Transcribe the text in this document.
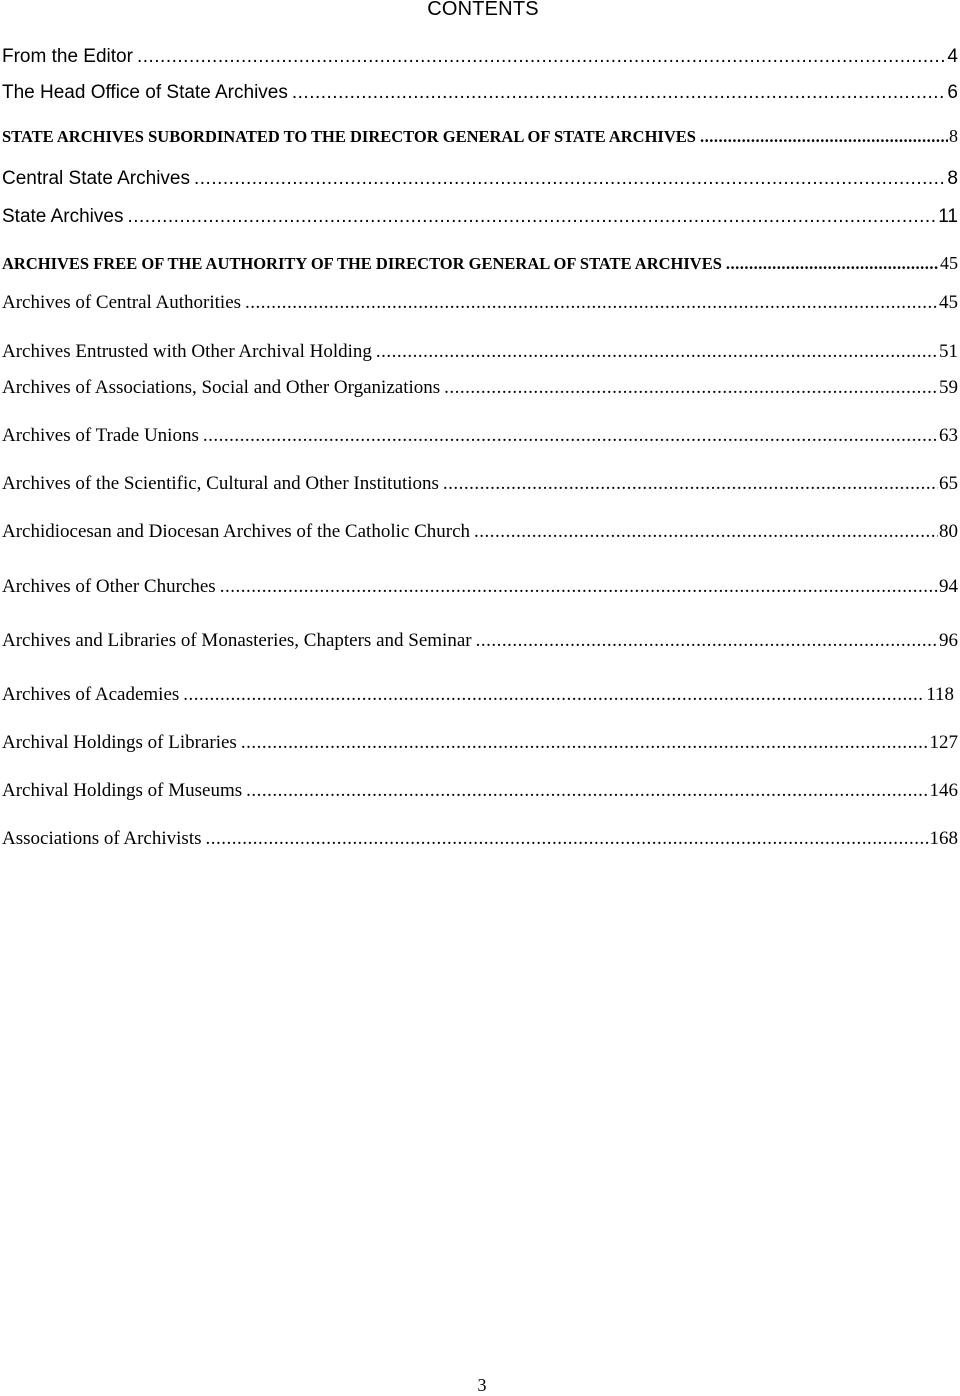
CONTENTS
From the Editor .....	4
The Head Office of State Archives .....	6
STATE ARCHIVES SUBORDINATED TO THE DIRECTOR GENERAL OF STATE ARCHIVES .....	8
Central State Archives .....	8
State Archives .....	11
ARCHIVES FREE OF THE AUTHORITY OF THE DIRECTOR GENERAL OF STATE ARCHIVES .....	45
Archives of Central Authorities .....	45
Archives Entrusted with Other Archival Holding .....	51
Archives of Associations, Social and Other Organizations .....	59
Archives of Trade Unions .....	63
Archives of the Scientific, Cultural and Other Institutions .....	65
Archidiocesan and Diocesan Archives of the Catholic Church .....	80
Archives of Other Churches .....	94
Archives and Libraries of Monasteries, Chapters and Seminar .....	96
Archives of Academies .....	118
Archival Holdings of Libraries .....	127
Archival Holdings of Museums .....	146
Associations of Archivists .....	168
3
